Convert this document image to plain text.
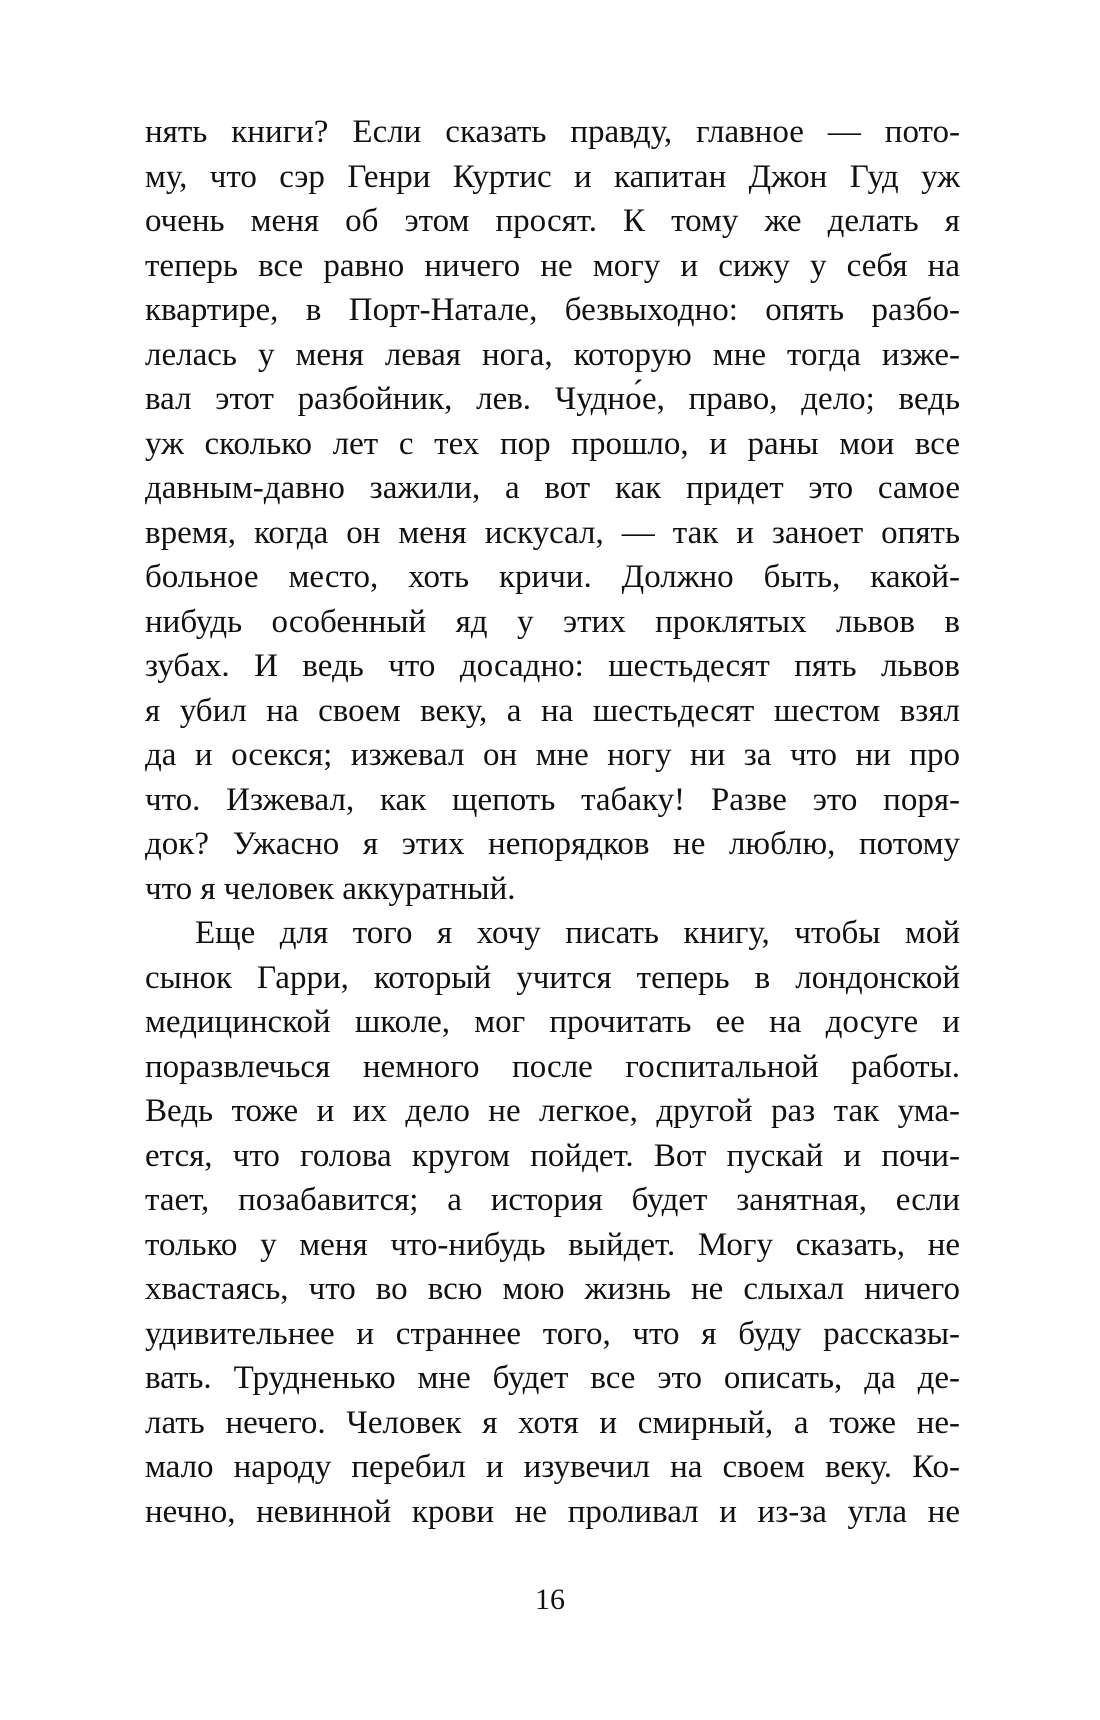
нять книги? Если сказать правду, главное — пото-
му, что сэр Генри Куртис и капитан Джон Гуд уж
очень меня об этом просят. К тому же делать я
теперь все равно ничего не могу и сижу у себя на
квартире, в Порт-Натале, безвыходно: опять разбо-
лелась у меня левая нога, которую мне тогда изже-
вал этот разбойник, лев. Чудно́е, право, дело; ведь
уж сколько лет с тех пор прошло, и раны мои все
давным-давно зажили, а вот как придет это самое
время, когда он меня искусал, — так и заноет опять
больное место, хоть кричи. Должно быть, какой-
нибудь особенный яд у этих проклятых львов в
зубах. И ведь что досадно: шестьдесят пять львов
я убил на своем веку, а на шестьдесят шестом взял
да и осекся; изжевал он мне ногу ни за что ни про
что. Изжевал, как щепоть табаку! Разве это поря-
док? Ужасно я этих непорядков не люблю, потому
что я человек аккуратный.
Еще для того я хочу писать книгу, чтобы мой
сынок Гарри, который учится теперь в лондонской
медицинской школе, мог прочитать ее на досуге и
поразвлечься немного после госпитальной работы.
Ведь тоже и их дело не легкое, другой раз так ума-
ется, что голова кругом пойдет. Вот пускай и почи-
тает, позабавится; а история будет занятная, если
только у меня что-нибудь выйдет. Могу сказать, не
хвастаясь, что во всю мою жизнь не слыхал ничего
удивительнее и страннее того, что я буду рассказы-
вать. Трудненько мне будет все это описать, да де-
лать нечего. Человек я хотя и смирный, а тоже не-
мало народу перебил и изувечил на своем веку. Ко-
нечно, невинной крови не проливал и из-за угла не
16
